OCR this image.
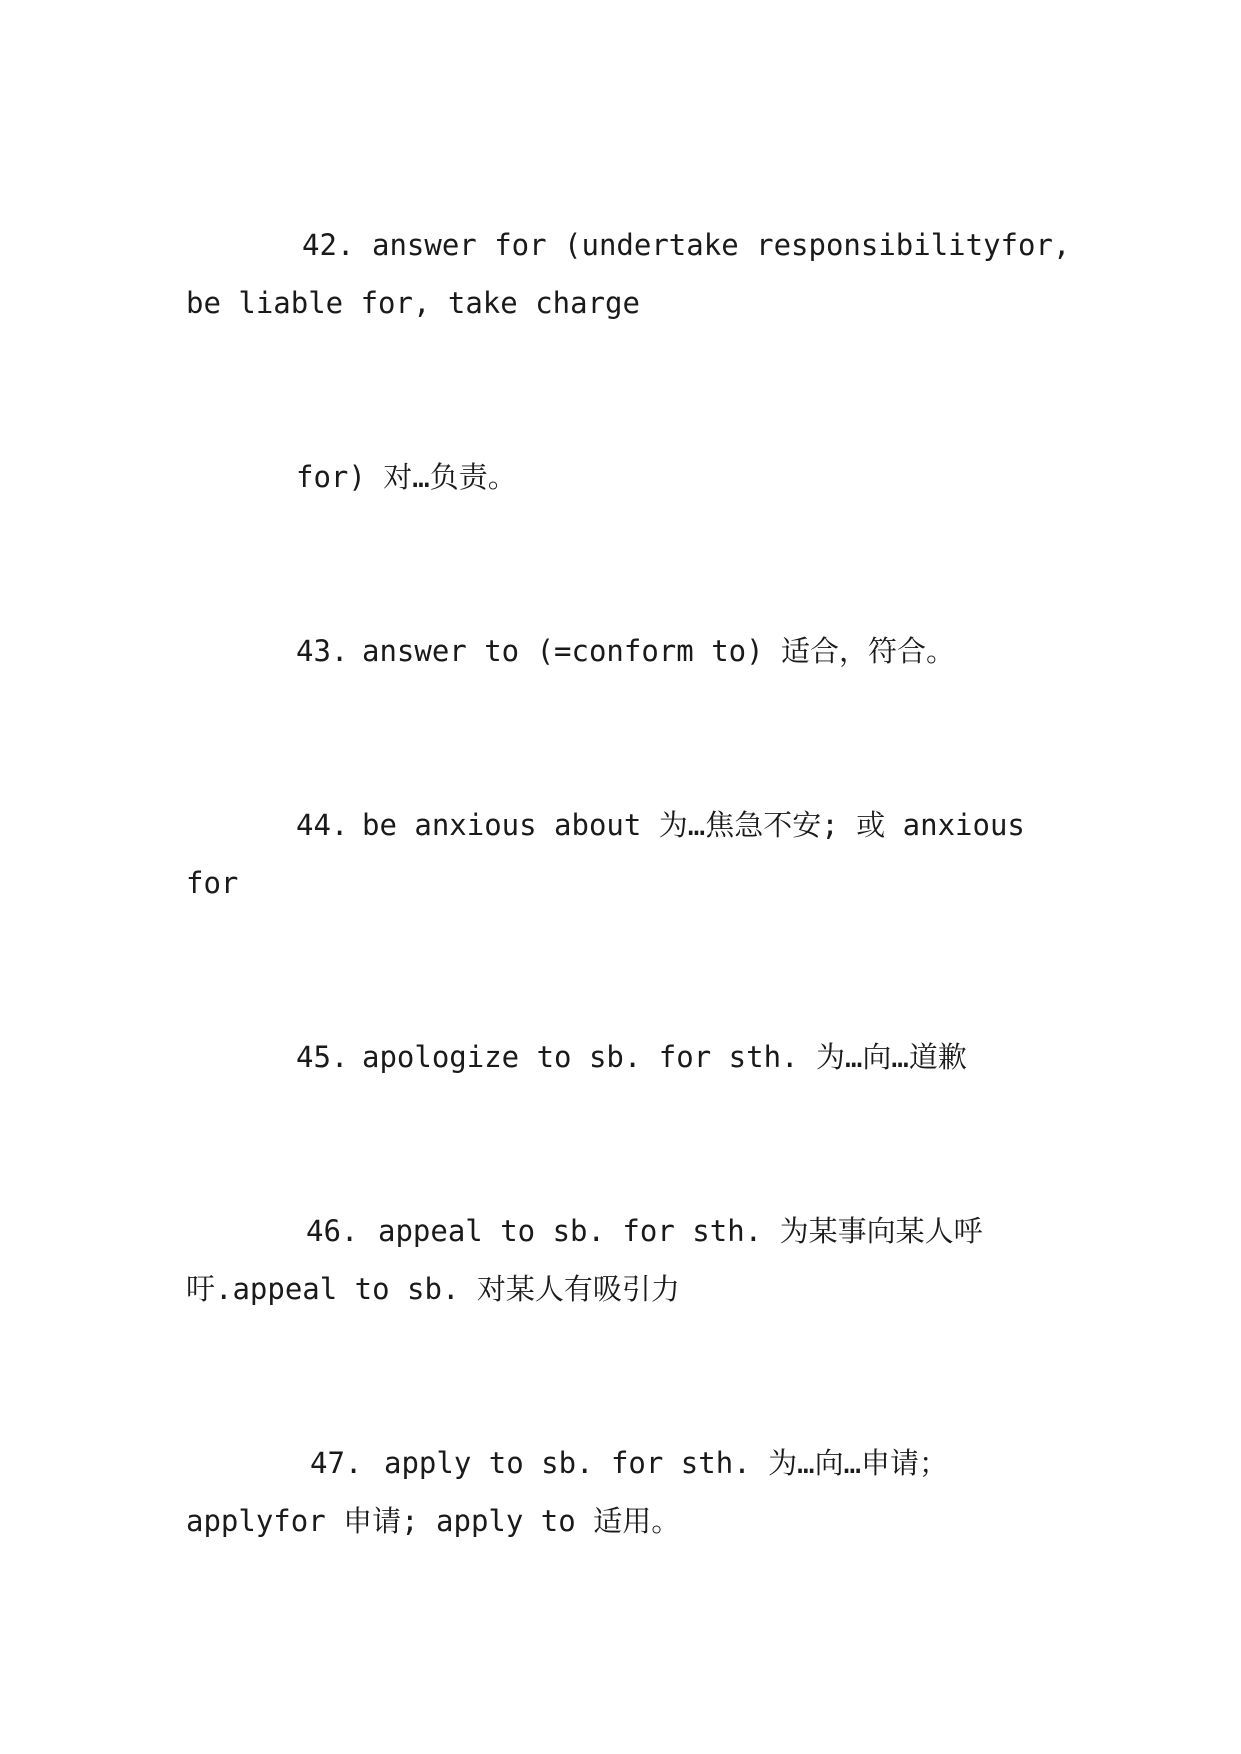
42. answer for (undertake responsibilityfor,
be liable for, take charge
for) 对…负责。
43. answer to (=conform to) 适合，符合。
44. be anxious about 为…焦急不安; 或 anxious
for
45. apologize to sb. for sth. 为…向…道歉
46. appeal to sb. for sth. 为某事向某人呼
吁.appeal to sb. 对某人有吸引力
47. apply to sb. for sth. 为…向…申请；
applyfor 申请; apply to 适用。
